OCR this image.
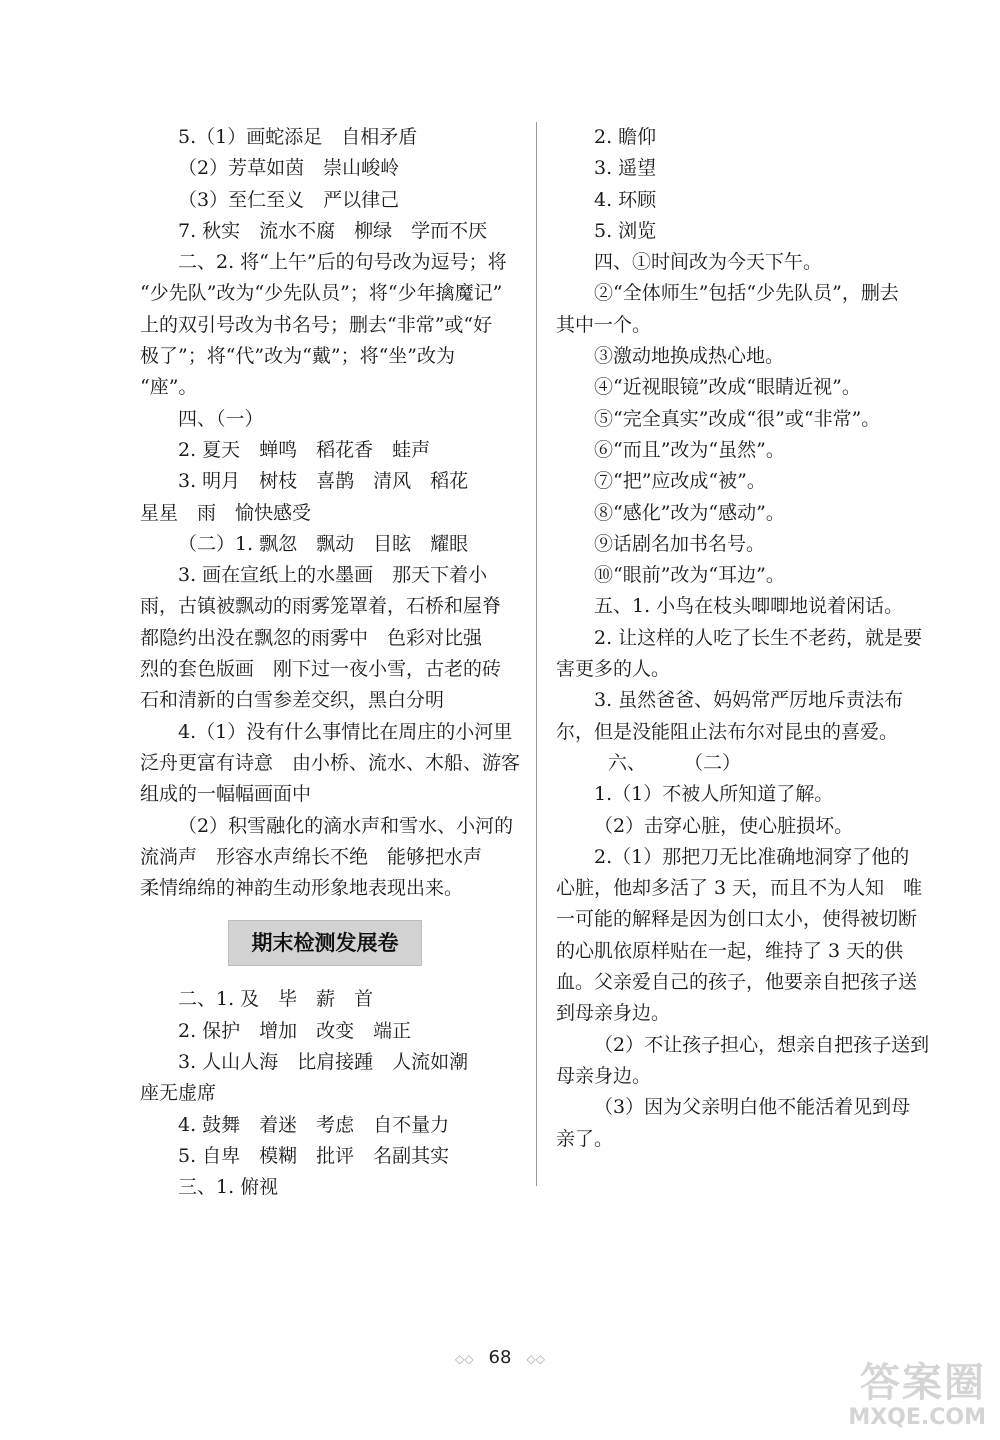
5.（1）画蛇添足　自相矛盾
（2）芳草如茵　崇山峻岭
（3）至仁至义　严以律己
7. 秋实　流水不腐　柳绿　学而不厌
二、2. 将“上午”后的句号改为逗号；将
“少先队”改为“少先队员”；将“少年擒魔记”
上的双引号改为书名号；删去“非常”或“好
极了”；将“代”改为“戴”；将“坐”改为
“座”。
四、（一）
2. 夏天　蝉鸣　稻花香　蛙声
3. 明月　树枝　喜鹊　清风　稻花
星星　雨　愉快感受
（二）1. 飘忽　飘动　目眩　耀眼
3. 画在宣纸上的水墨画　那天下着小
雨，古镇被飘动的雨雾笼罩着，石桥和屋脊
都隐约出没在飘忽的雨雾中　色彩对比强
烈的套色版画　刚下过一夜小雪，古老的砖
石和清新的白雪参差交织，黑白分明
4.（1）没有什么事情比在周庄的小河里
泛舟更富有诗意　由小桥、流水、木船、游客
组成的一幅幅画面中
（2）积雪融化的滴水声和雪水、小河的
流淌声　形容水声绵长不绝　能够把水声
柔情绵绵的神韵生动形象地表现出来。
期末检测发展卷
二、1. 及　毕　薪　首
2. 保护　增加　改变　端正
3. 人山人海　比肩接踵　人流如潮
座无虚席
4. 鼓舞　着迷　考虑　自不量力
5. 自卑　模糊　批评　名副其实
三、1. 俯视
2. 瞻仰
3. 遥望
4. 环顾
5. 浏览
四、①时间改为今天下午。
②“全体师生”包括“少先队员”，删去
其中一个。
③激动地换成热心地。
④“近视眼镜”改成“眼睛近视”。
⑤“完全真实”改成“很”或“非常”。
⑥“而且”改为“虽然”。
⑦“把”应改成“被”。
⑧“感化”改为“感动”。
⑨话剧名加书名号。
⑩“眼前”改为“耳边”。
五、1. 小鸟在枝头唧唧地说着闲话。
2. 让这样的人吃了长生不老药，就是要
害更多的人。
3. 虽然爸爸、妈妈常严厉地斥责法布
尔，但是没能阻止法布尔对昆虫的喜爱。
六、　　　（二）
1.（1）不被人所知道了解。
（2）击穿心脏，使心脏损坏。
2.（1）那把刀无比准确地洞穿了他的
心脏，他却多活了 3 天，而且不为人知　唯
一可能的解释是因为创口太小，使得被切断
的心肌依原样贴在一起，维持了 3 天的供
血。父亲爱自己的孩子，他要亲自把孩子送
到母亲身边。
（2）不让孩子担心，想亲自把孩子送到
母亲身边。
（3）因为父亲明白他不能活着见到母
亲了。
◇◇ 68 ◇◇
答案圈
MXQE.COM
